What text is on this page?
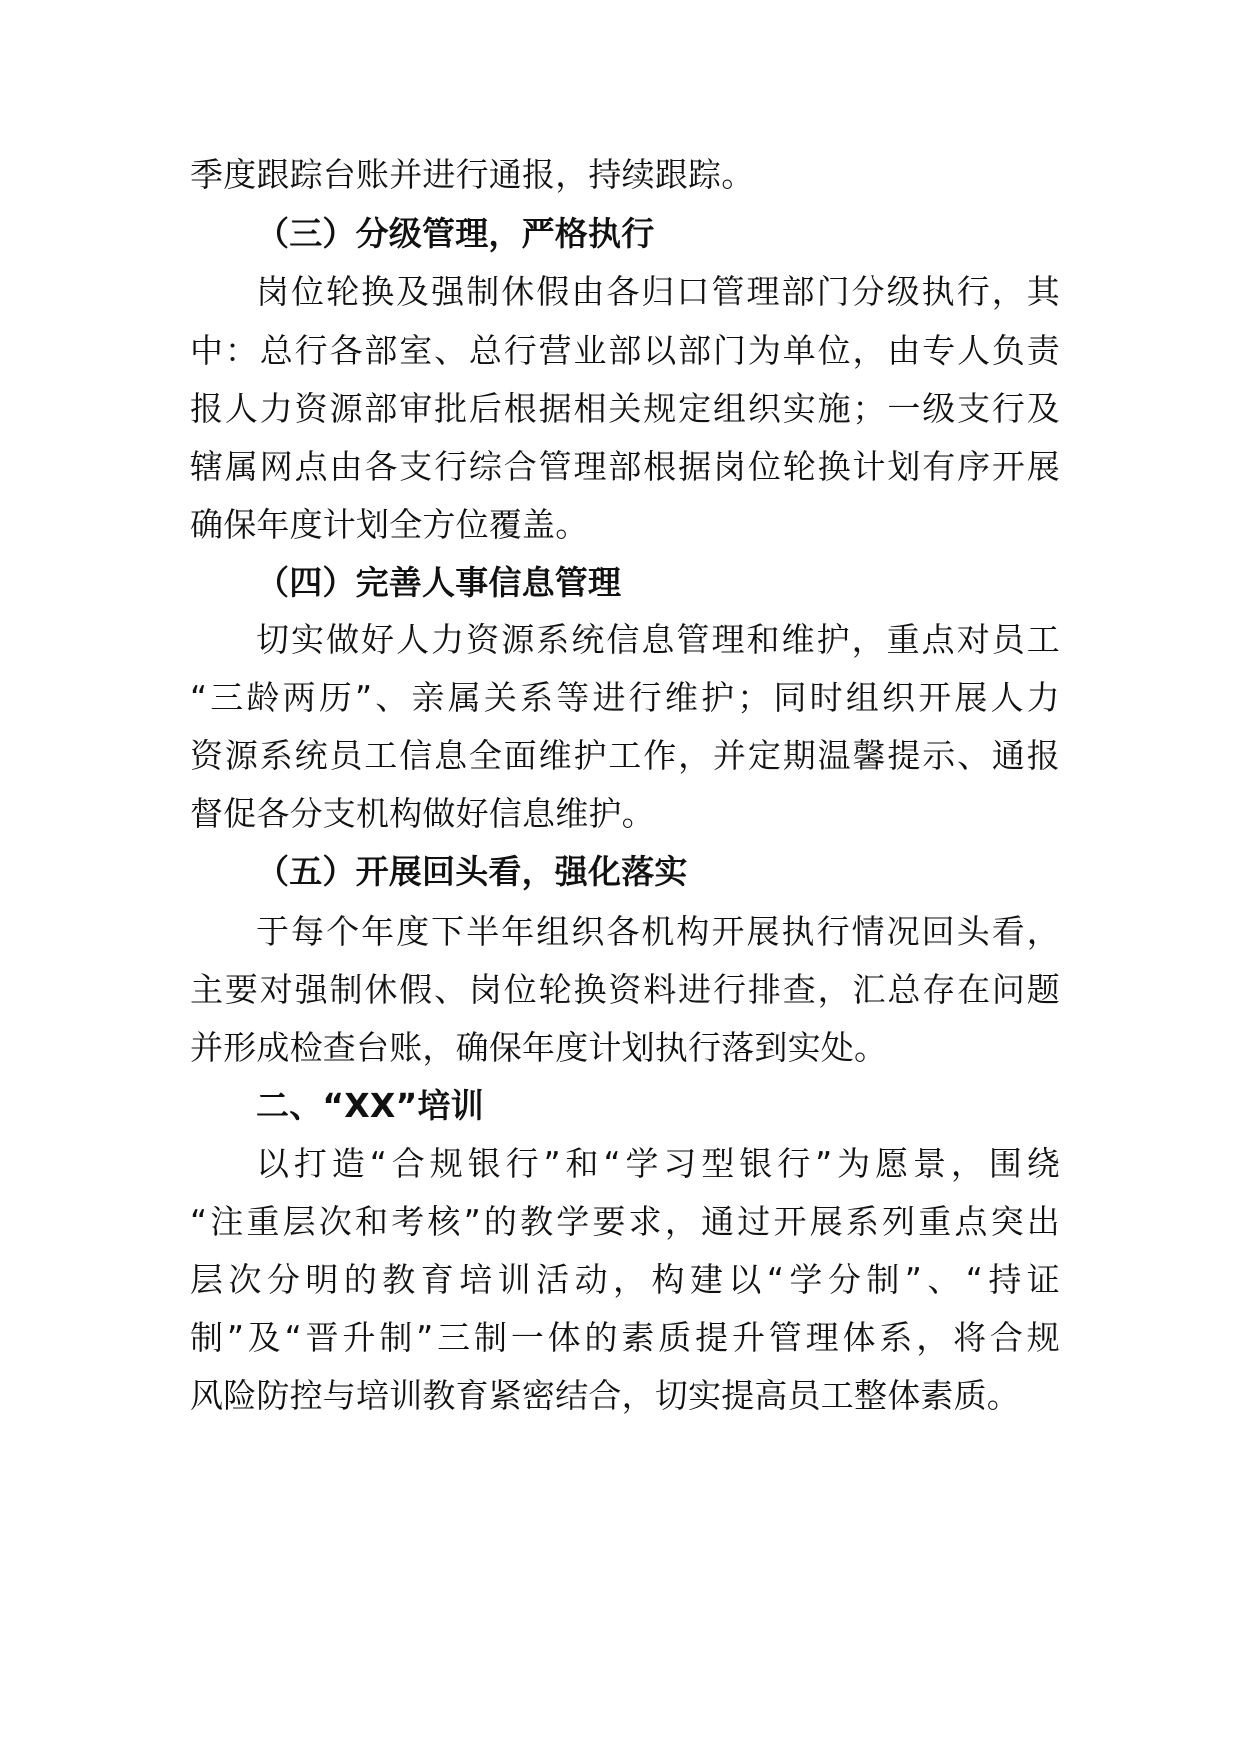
季度跟踪台账并进行通报，持续跟踪。
（三）分级管理，严格执行
岗位轮换及强制休假由各归口管理部门分级执行，其
中：总行各部室、总行营业部以部门为单位，由专人负责
报人力资源部审批后根据相关规定组织实施；一级支行及
辖属网点由各支行综合管理部根据岗位轮换计划有序开展
确保年度计划全方位覆盖。
（四）完善人事信息管理
切实做好人力资源系统信息管理和维护，重点对员工
“三龄两历”、亲属关系等进行维护；同时组织开展人力
资源系统员工信息全面维护工作，并定期温馨提示、通报
督促各分支机构做好信息维护。
（五）开展回头看，强化落实
于每个年度下半年组织各机构开展执行情况回头看，
主要对强制休假、岗位轮换资料进行排查，汇总存在问题
并形成检查台账，确保年度计划执行落到实处。
二、“XX”培训
以打造“合规银行”和“学习型银行”为愿景，围绕
“注重层次和考核”的教学要求，通过开展系列重点突出
层次分明的教育培训活动，构建以“学分制”、“持证
制”及“晋升制”三制一体的素质提升管理体系，将合规
风险防控与培训教育紧密结合，切实提高员工整体素质。
